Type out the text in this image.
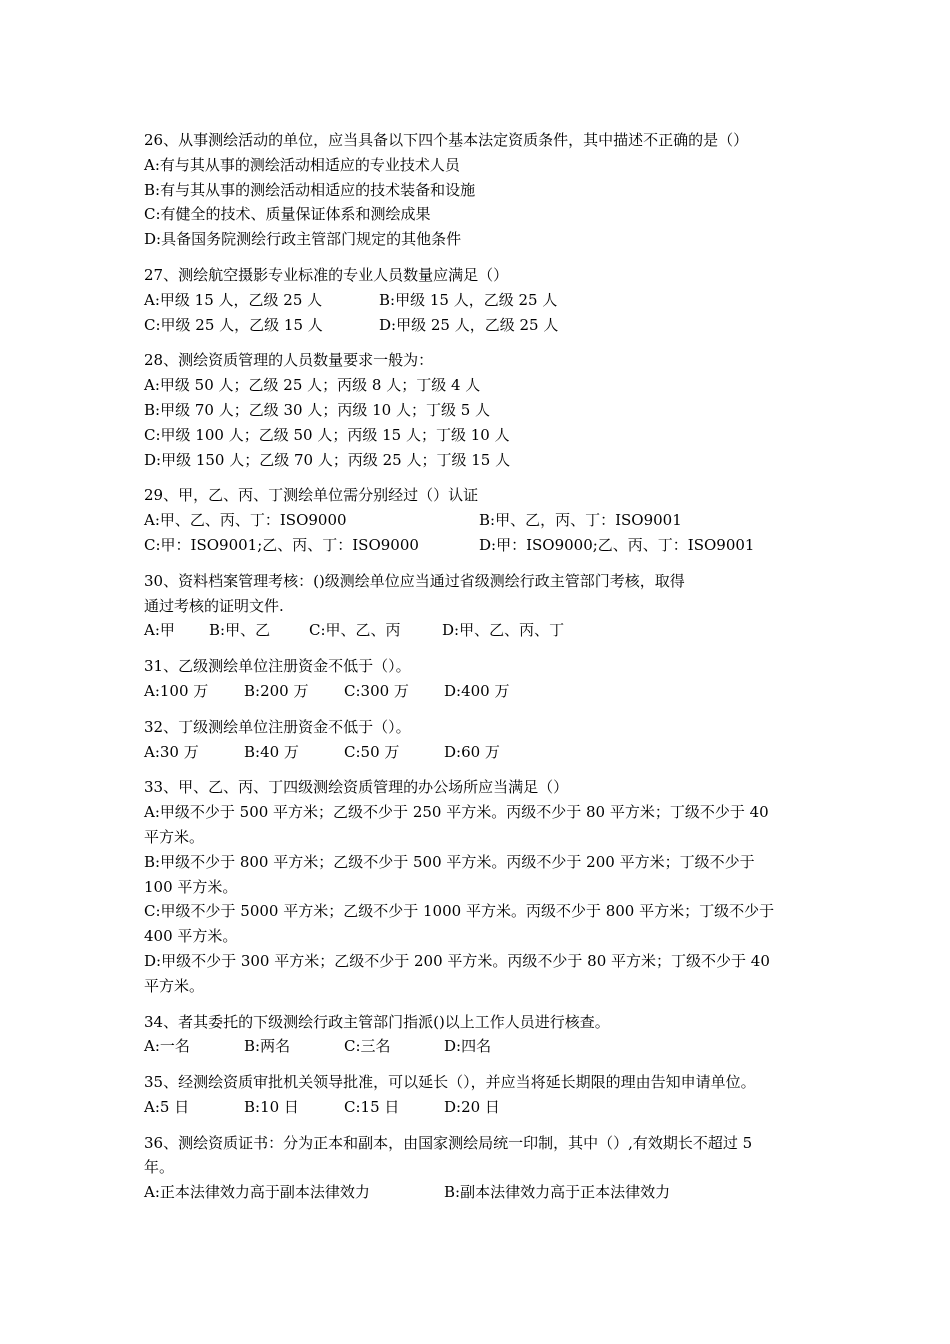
26、从事测绘活动的单位，应当具备以下四个基本法定资质条件，其中描述不正确的是（）
A:有与其从事的测绘活动相适应的专业技术人员
B:有与其从事的测绘活动相适应的技术装备和设施
C:有健全的技术、质量保证体系和测绘成果
D:具备国务院测绘行政主管部门规定的其他条件
27、测绘航空摄影专业标准的专业人员数量应满足（）
A:甲级 15 人，乙级 25 人	B:甲级 15 人，乙级 25 人
C:甲级 25 人，乙级 15 人	D:甲级 25 人，乙级 25 人
28、测绘资质管理的人员数量要求一般为：
A:甲级 50 人；乙级 25 人；丙级 8 人；丁级 4 人
B:甲级 70 人；乙级 30 人；丙级 10 人；丁级 5 人
C:甲级 100 人；乙级 50 人；丙级 15 人；丁级 10 人
D:甲级 150 人；乙级 70 人；丙级 25 人；丁级 15 人
29、甲，乙、丙、丁测绘单位需分别经过（）认证
A:甲、乙、丙、丁：ISO9000	B:甲、乙，丙、丁：ISO9001
C:甲：ISO9001;乙、丙、丁：ISO9000	D:甲：ISO9000;乙、丙、丁：ISO9001
30、资料档案管理考核：()级测绘单位应当通过省级测绘行政主管部门考核，取得
通过考核的证明文件.
A:甲	B:甲、乙	C:甲、乙、丙	D:甲、乙、丙、丁
31、乙级测绘单位注册资金不低于（）。
A:100 万	B:200 万	C:300 万	D:400 万
32、丁级测绘单位注册资金不低于（）。
A:30 万	B:40 万	C:50 万	D:60 万
33、甲、乙、丙、丁四级测绘资质管理的办公场所应当满足（）
A:甲级不少于 500 平方米；乙级不少于 250 平方米。丙级不少于 80 平方米；丁级不少于 40
平方米。
B:甲级不少于 800 平方米；乙级不少于 500 平方米。丙级不少于 200 平方米；丁级不少于
100 平方米。
C:甲级不少于 5000 平方米；乙级不少于 1000 平方米。丙级不少于 800 平方米；丁级不少于
400 平方米。
D:甲级不少于 300 平方米；乙级不少于 200 平方米。丙级不少于 80 平方米；丁级不少于 40
平方米。
34、者其委托的下级测绘行政主管部门指派()以上工作人员进行核查。
A:一名	B:两名	C:三名	D:四名
35、经测绘资质审批机关领导批准，可以延长（），并应当将延长期限的理由告知申请单位。
A:5 日	B:10 日	C:15 日	D:20 日
36、测绘资质证书：分为正本和副本，由国家测绘局统一印制，其中（）,有效期长不超过 5
年。
A:正本法律效力高于副本法律效力	B:副本法律效力高于正本法律效力
